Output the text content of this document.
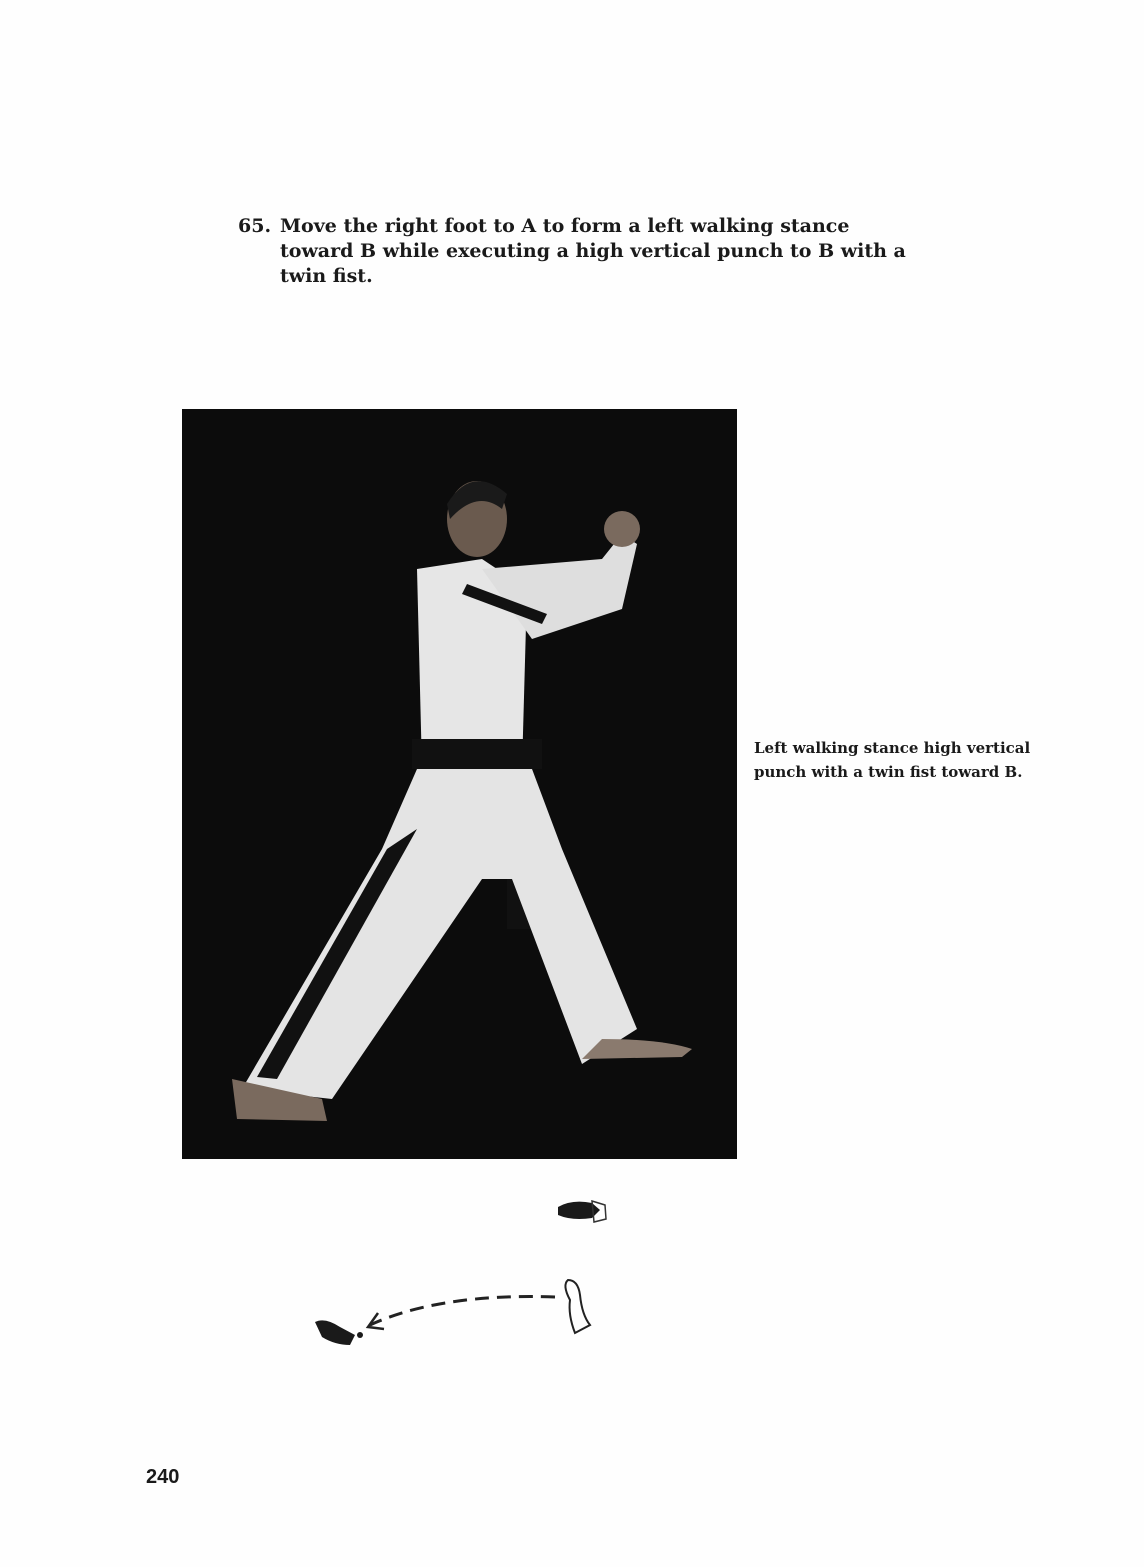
65. Move the right foot to A to form a left walking stance toward B while executing a high vertical punch to B with a twin fist.
Left walking stance high vertical punch with a twin fist toward B.
240
